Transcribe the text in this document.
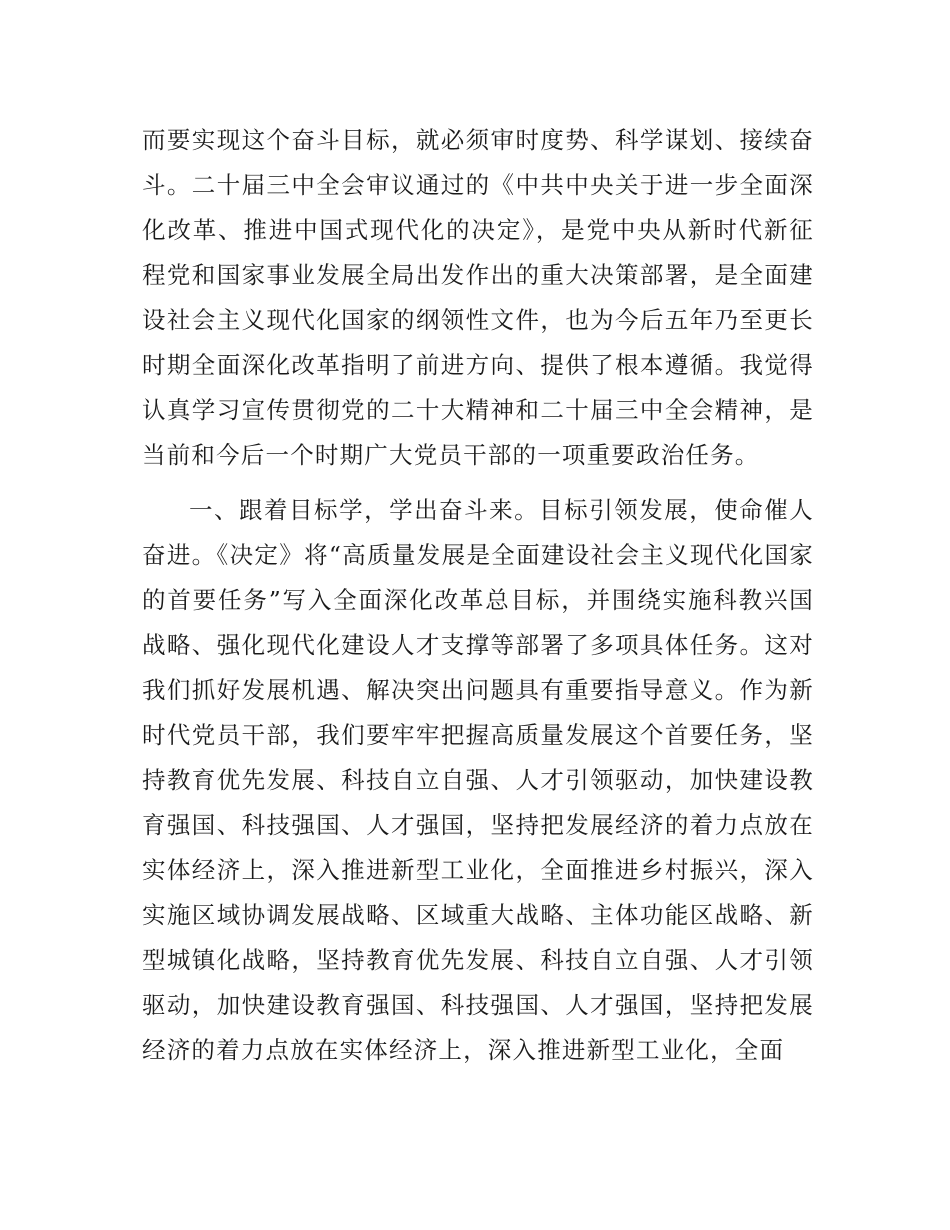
而要实现这个奋斗目标，就必须审时度势、科学谋划、接续奋斗。二十届三中全会审议通过的《中共中央关于进一步全面深化改革、推进中国式现代化的决定》，是党中央从新时代新征程党和国家事业发展全局出发作出的重大决策部署，是全面建设社会主义现代化国家的纲领性文件，也为今后五年乃至更长时期全面深化改革指明了前进方向、提供了根本遵循。我觉得认真学习宣传贯彻党的二十大精神和二十届三中全会精神，是当前和今后一个时期广大党员干部的一项重要政治任务。

一、跟着目标学，学出奋斗来。目标引领发展，使命催人奋进。《决定》将“高质量发展是全面建设社会主义现代化国家的首要任务”写入全面深化改革总目标，并围绕实施科教兴国战略、强化现代化建设人才支撑等部署了多项具体任务。这对我们抓好发展机遇、解决突出问题具有重要指导意义。作为新时代党员干部，我们要牢牢把握高质量发展这个首要任务，坚持教育优先发展、科技自立自强、人才引领驱动，加快建设教育强国、科技强国、人才强国，坚持把发展经济的着力点放在实体经济上，深入推进新型工业化，全面推进乡村振兴，深入实施区域协调发展战略、区域重大战略、主体功能区战略、新型城镇化战略，坚持教育优先发展、科技自立自强、人才引领驱动，加快建设教育强国、科技强国、人才强国，坚持把发展经济的着力点放在实体经济上，深入推进新型工业化，全面
